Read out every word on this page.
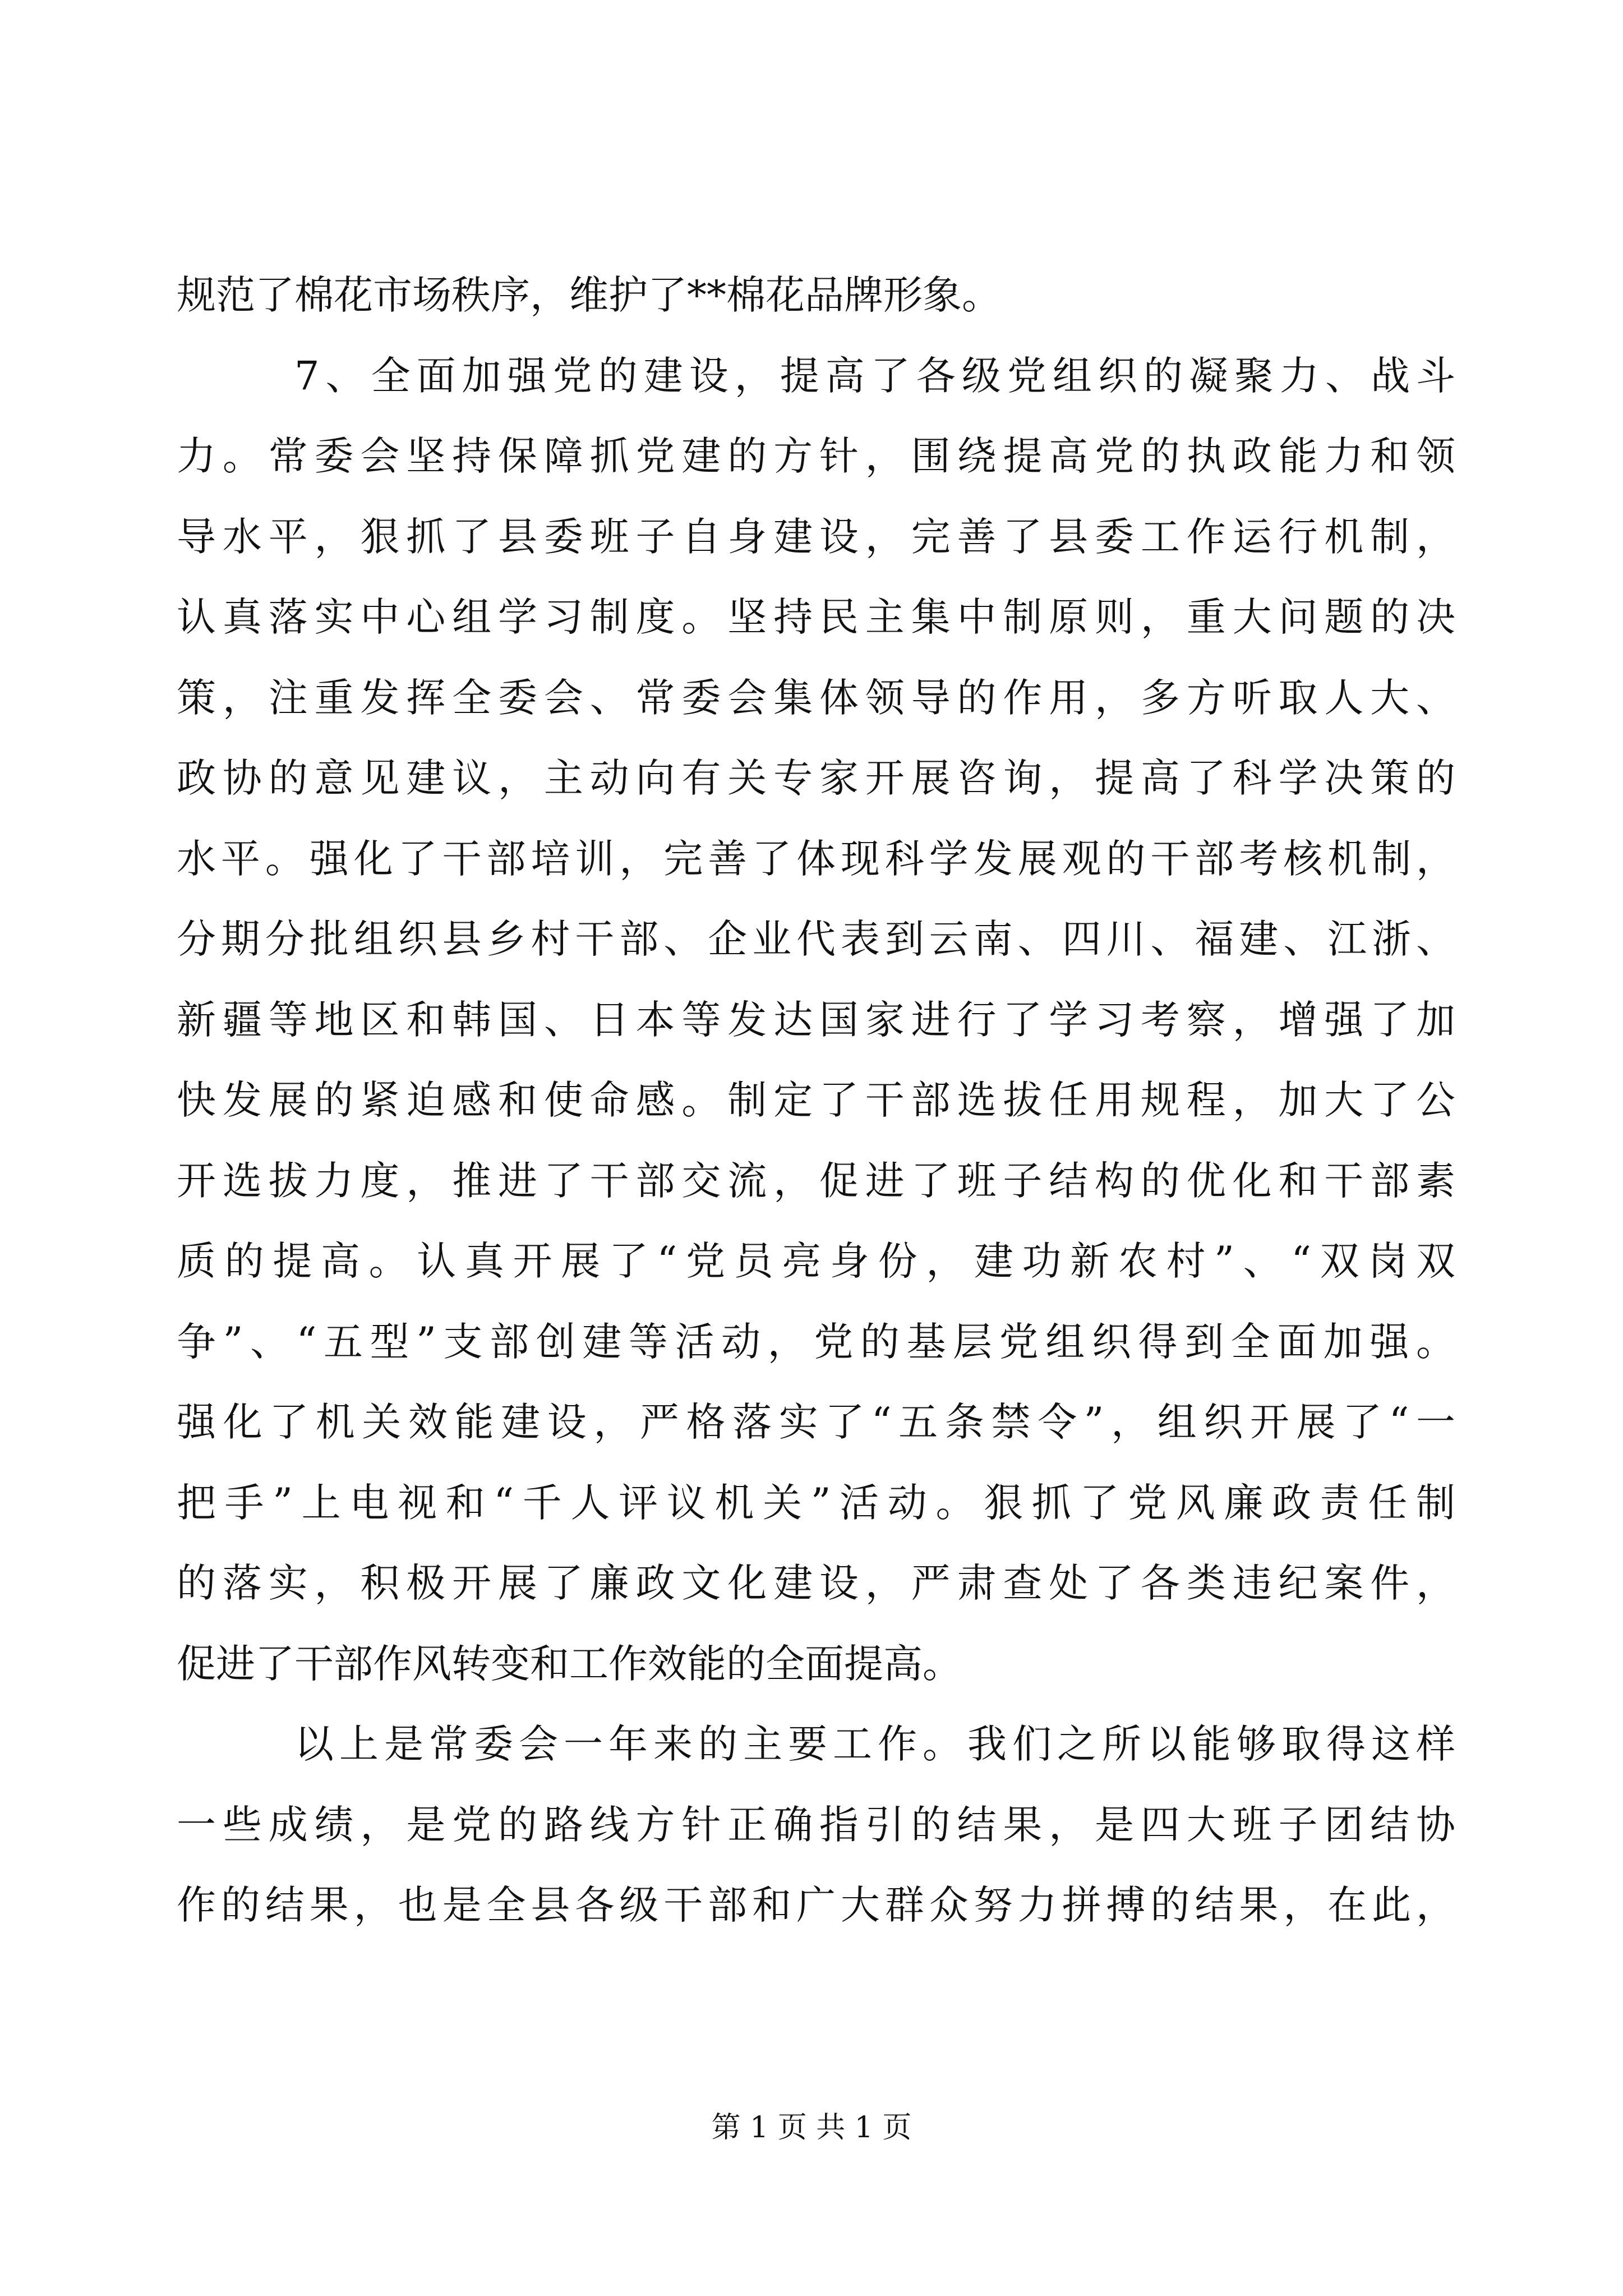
规范了棉花市场秩序，维护了**棉花品牌形象。
7、全面加强党的建设，提高了各级党组织的凝聚力、战斗
力。常委会坚持保障抓党建的方针，围绕提高党的执政能力和领
导水平，狠抓了县委班子自身建设，完善了县委工作运行机制，
认真落实中心组学习制度。坚持民主集中制原则，重大问题的决
策，注重发挥全委会、常委会集体领导的作用，多方听取人大、
政协的意见建议，主动向有关专家开展咨询，提高了科学决策的
水平。强化了干部培训，完善了体现科学发展观的干部考核机制，
分期分批组织县乡村干部、企业代表到云南、四川、福建、江浙、
新疆等地区和韩国、日本等发达国家进行了学习考察，增强了加
快发展的紧迫感和使命感。制定了干部选拔任用规程，加大了公
开选拔力度，推进了干部交流，促进了班子结构的优化和干部素
质的提高。认真开展了“党员亮身份，建功新农村”、“双岗双
争”、“五型”支部创建等活动，党的基层党组织得到全面加强。
强化了机关效能建设，严格落实了“五条禁令”，组织开展了“一
把手”上电视和“千人评议机关”活动。狠抓了党风廉政责任制
的落实，积极开展了廉政文化建设，严肃查处了各类违纪案件，
促进了干部作风转变和工作效能的全面提高。
以上是常委会一年来的主要工作。我们之所以能够取得这样
一些成绩，是党的路线方针正确指引的结果，是四大班子团结协
作的结果，也是全县各级干部和广大群众努力拼搏的结果，在此，
第 1 页 共 1 页
